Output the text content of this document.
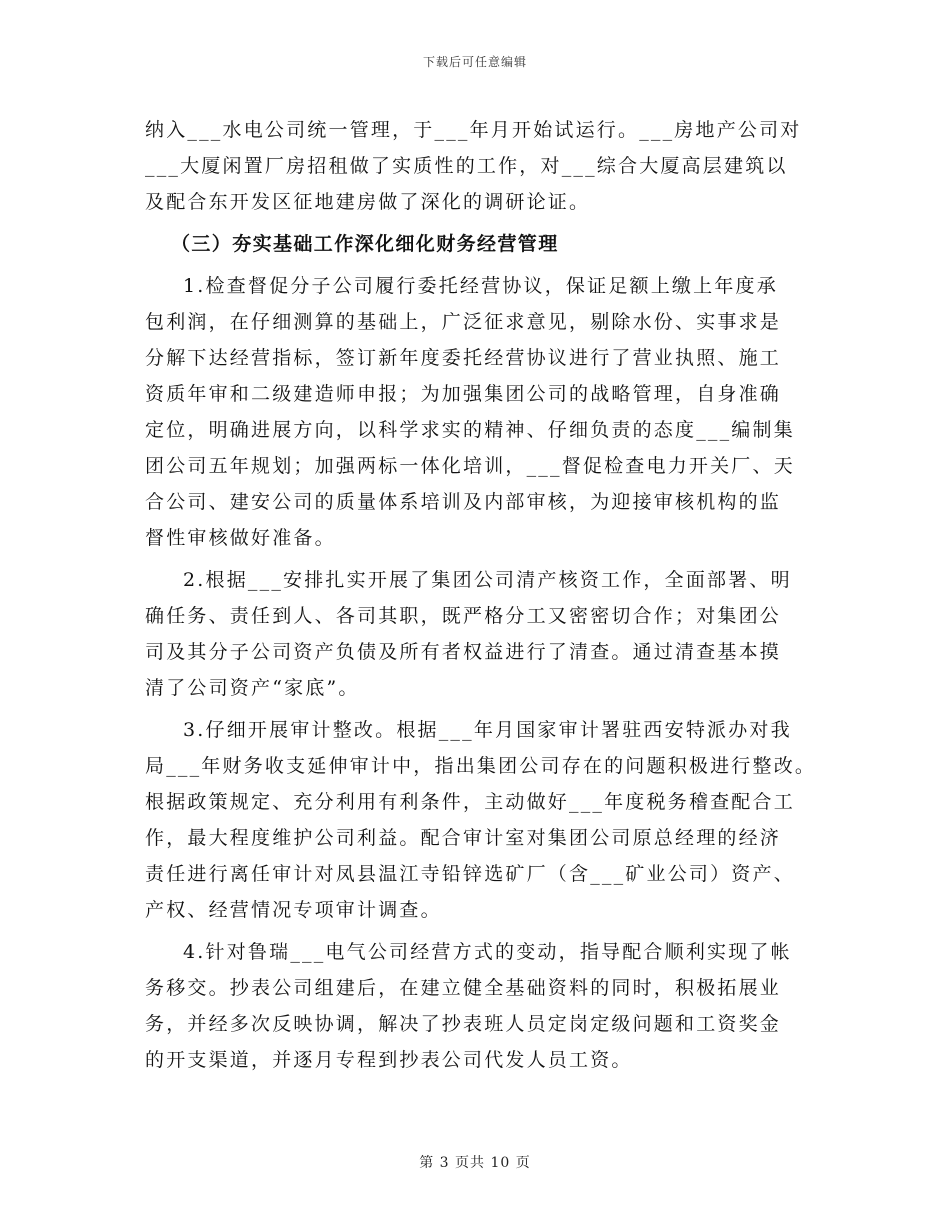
下载后可任意编辑
纳入___水电公司统一管理，于___年月开始试运行。___房地产公司对
___大厦闲置厂房招租做了实质性的工作，对___综合大厦高层建筑以
及配合东开发区征地建房做了深化的调研论证。
（三）夯实基础工作深化细化财务经营管理
1.检查督促分子公司履行委托经营协议，保证足额上缴上年度承
包利润，在仔细测算的基础上，广泛征求意见，剔除水份、实事求是
分解下达经营指标，签订新年度委托经营协议进行了营业执照、施工
资质年审和二级建造师申报；为加强集团公司的战略管理，自身准确
定位，明确进展方向，以科学求实的精神、仔细负责的态度___编制集
团公司五年规划；加强两标一体化培训，___督促检查电力开关厂、天
合公司、建安公司的质量体系培训及内部审核，为迎接审核机构的监
督性审核做好准备。
2.根据___安排扎实开展了集团公司清产核资工作，全面部署、明
确任务、责任到人、各司其职，既严格分工又密密切合作；对集团公
司及其分子公司资产负债及所有者权益进行了清查。通过清查基本摸
清了公司资产“家底”。
3.仔细开展审计整改。根据___年月国家审计署驻西安特派办对我
局___年财务收支延伸审计中，指出集团公司存在的问题积极进行整改。
根据政策规定、充分利用有利条件，主动做好___年度税务稽查配合工
作，最大程度维护公司利益。配合审计室对集团公司原总经理的经济
责任进行离任审计对凤县温江寺铅锌选矿厂（含___矿业公司）资产、
产权、经营情况专项审计调查。
4.针对鲁瑞___电气公司经营方式的变动，指导配合顺利实现了帐
务移交。抄表公司组建后，在建立健全基础资料的同时，积极拓展业
务，并经多次反映协调，解决了抄表班人员定岗定级问题和工资奖金
的开支渠道，并逐月专程到抄表公司代发人员工资。
第 3 页共 10 页
